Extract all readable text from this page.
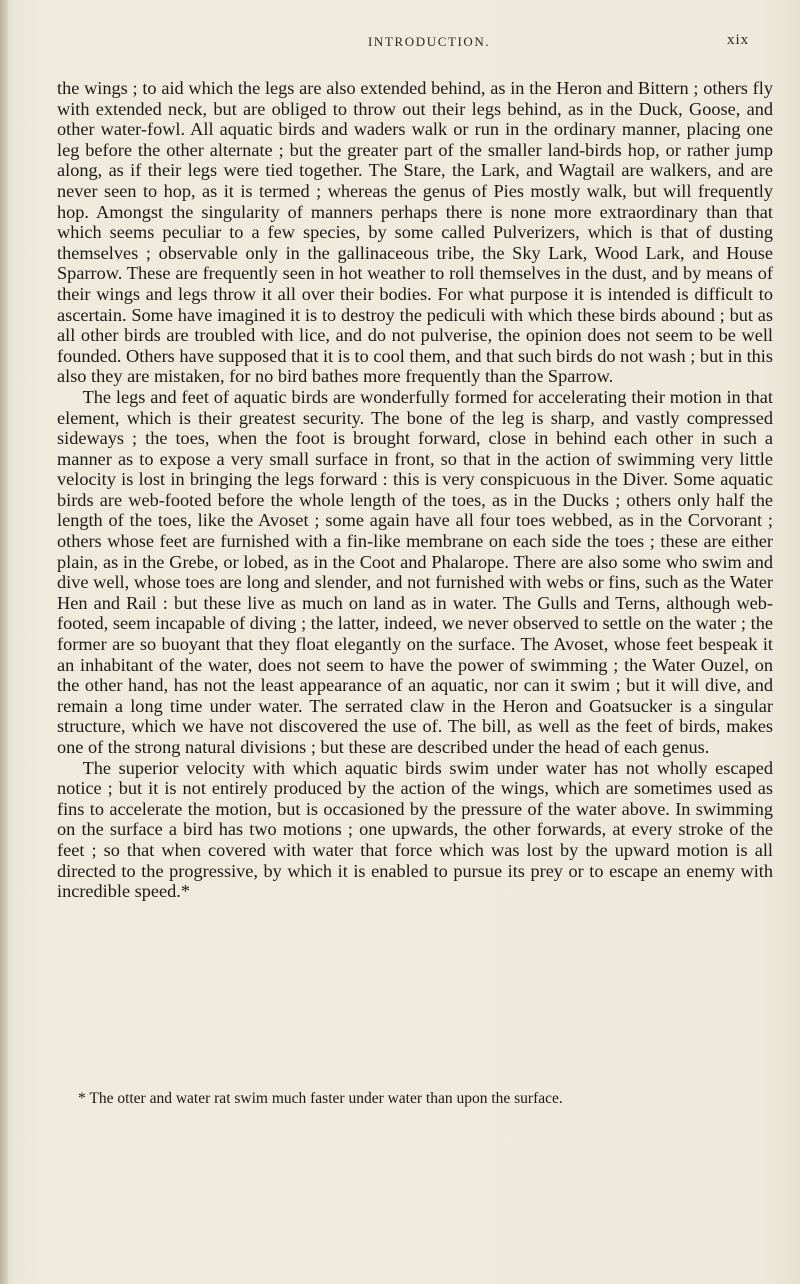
INTRODUCTION.	xix

the wings ; to aid which the legs are also extended behind, as in the Heron and Bittern ; others fly with extended neck, but are obliged to throw out their legs behind, as in the Duck, Goose, and other water-fowl. All aquatic birds and waders walk or run in the ordinary manner, placing one leg before the other alternate ; but the greater part of the smaller land-birds hop, or rather jump along, as if their legs were tied together. The Stare, the Lark, and Wagtail are walkers, and are never seen to hop, as it is termed ; whereas the genus of Pies mostly walk, but will frequently hop. Amongst the singularity of manners perhaps there is none more extraordinary than that which seems peculiar to a few species, by some called Pulverizers, which is that of dusting themselves ; observable only in the gallinaceous tribe, the Sky Lark, Wood Lark, and House Sparrow. These are frequently seen in hot weather to roll themselves in the dust, and by means of their wings and legs throw it all over their bodies. For what purpose it is intended is difficult to ascertain. Some have imagined it is to destroy the pediculi with which these birds abound ; but as all other birds are troubled with lice, and do not pulverise, the opinion does not seem to be well founded. Others have supposed that it is to cool them, and that such birds do not wash ; but in this also they are mistaken, for no bird bathes more frequently than the Sparrow.

The legs and feet of aquatic birds are wonderfully formed for accelerating their motion in that element, which is their greatest security. The bone of the leg is sharp, and vastly compressed sideways ; the toes, when the foot is brought forward, close in behind each other in such a manner as to expose a very small surface in front, so that in the action of swimming very little velocity is lost in bringing the legs forward : this is very conspicuous in the Diver. Some aquatic birds are web-footed before the whole length of the toes, as in the Ducks ; others only half the length of the toes, like the Avoset ; some again have all four toes webbed, as in the Corvorant ; others whose feet are furnished with a fin-like membrane on each side the toes ; these are either plain, as in the Grebe, or lobed, as in the Coot and Phalarope. There are also some who swim and dive well, whose toes are long and slender, and not furnished with webs or fins, such as the Water Hen and Rail : but these live as much on land as in water. The Gulls and Terns, although web-footed, seem incapable of diving ; the latter, indeed, we never observed to settle on the water ; the former are so buoyant that they float elegantly on the surface. The Avoset, whose feet bespeak it an inhabitant of the water, does not seem to have the power of swimming ; the Water Ouzel, on the other hand, has not the least appearance of an aquatic, nor can it swim ; but it will dive, and remain a long time under water. The serrated claw in the Heron and Goatsucker is a singular structure, which we have not discovered the use of. The bill, as well as the feet of birds, makes one of the strong natural divisions ; but these are described under the head of each genus.

The superior velocity with which aquatic birds swim under water has not wholly escaped notice ; but it is not entirely produced by the action of the wings, which are sometimes used as fins to accelerate the motion, but is occasioned by the pressure of the water above. In swimming on the surface a bird has two motions ; one upwards, the other forwards, at every stroke of the feet ; so that when covered with water that force which was lost by the upward motion is all directed to the progressive, by which it is enabled to pursue its prey or to escape an enemy with incredible speed.*

* The otter and water rat swim much faster under water than upon the surface.
